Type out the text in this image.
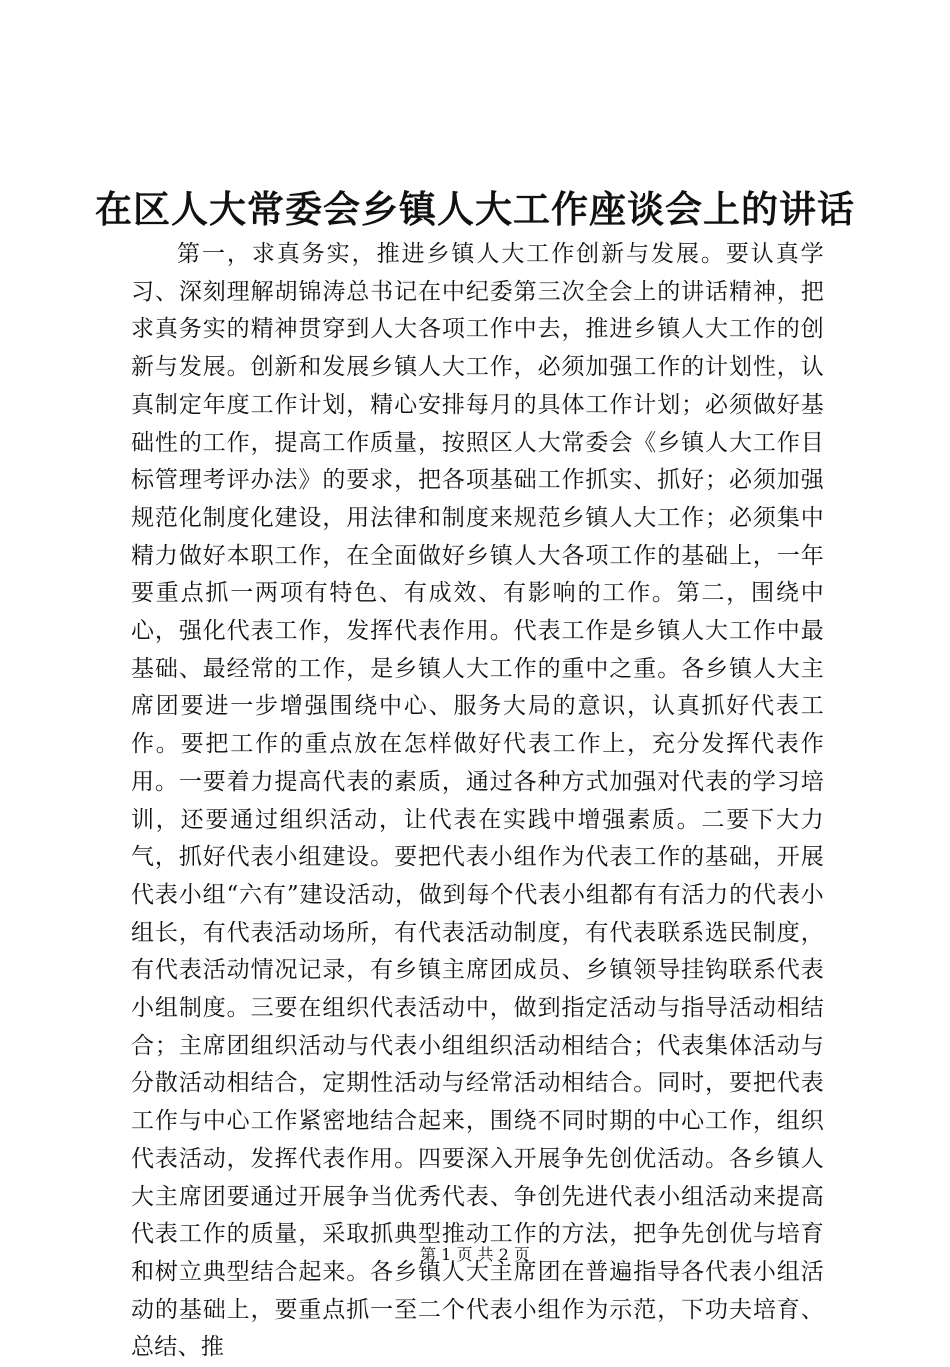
在区人大常委会乡镇人大工作座谈会上的讲话

第一，求真务实，推进乡镇人大工作创新与发展。要认真学习、深刻理解胡锦涛总书记在中纪委第三次全会上的讲话精神，把求真务实的精神贯穿到人大各项工作中去，推进乡镇人大工作的创新与发展。创新和发展乡镇人大工作，必须加强工作的计划性，认真制定年度工作计划，精心安排每月的具体工作计划；必须做好基础性的工作，提高工作质量，按照区人大常委会《乡镇人大工作目标管理考评办法》的要求，把各项基础工作抓实、抓好；必须加强规范化制度化建设，用法律和制度来规范乡镇人大工作；必须集中精力做好本职工作，在全面做好乡镇人大各项工作的基础上，一年要重点抓一两项有特色、有成效、有影响的工作。第二，围绕中心，强化代表工作，发挥代表作用。代表工作是乡镇人大工作中最基础、最经常的工作，是乡镇人大工作的重中之重。各乡镇人大主席团要进一步增强围绕中心、服务大局的意识，认真抓好代表工作。要把工作的重点放在怎样做好代表工作上，充分发挥代表作用。一要着力提高代表的素质，通过各种方式加强对代表的学习培训，还要通过组织活动，让代表在实践中增强素质。二要下大力气，抓好代表小组建设。要把代表小组作为代表工作的基础，开展代表小组“六有”建设活动，做到每个代表小组都有有活力的代表小组长，有代表活动场所，有代表活动制度，有代表联系选民制度，有代表活动情况记录，有乡镇主席团成员、乡镇领导挂钩联系代表小组制度。三要在组织代表活动中，做到指定活动与指导活动相结合；主席团组织活动与代表小组组织活动相结合；代表集体活动与分散活动相结合，定期性活动与经常活动相结合。同时，要把代表工作与中心工作紧密地结合起来，围绕不同时期的中心工作，组织代表活动，发挥代表作用。四要深入开展争先创优活动。各乡镇人大主席团要通过开展争当优秀代表、争创先进代表小组活动来提高代表工作的质量，采取抓典型推动工作的方法，把争先创优与培育和树立典型结合起来。各乡镇人大主席团在普遍指导各代表小组活动的基础上，要重点抓一至二个代表小组作为示范，下功夫培育、总结、推

第 1 页 共 2 页
